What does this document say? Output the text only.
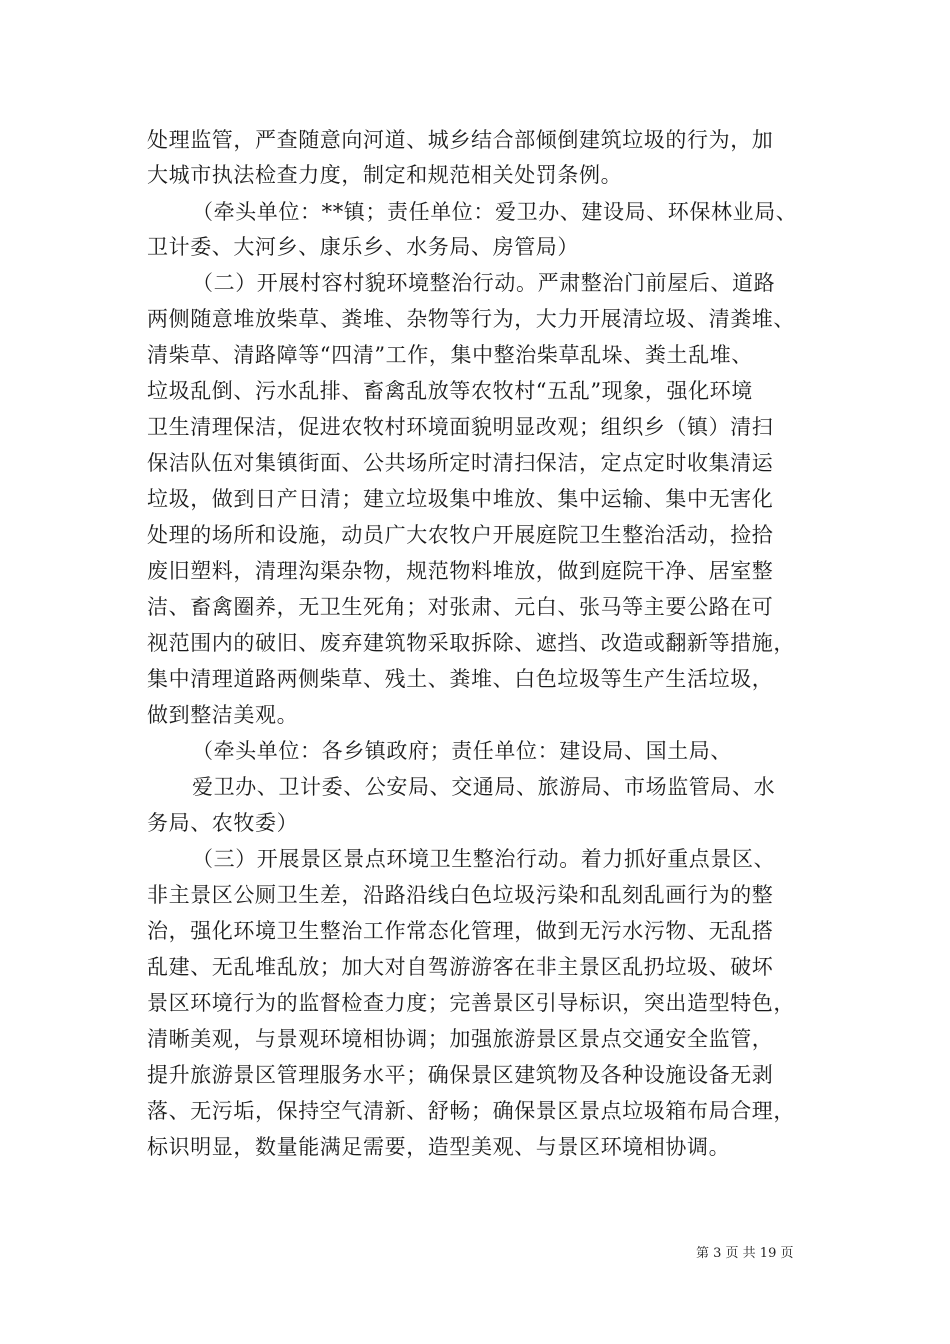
处理监管，严查随意向河道、城乡结合部倾倒建筑垃圾的行为，加
大城市执法检查力度，制定和规范相关处罚条例。
（牵头单位：**镇；责任单位：爱卫办、建设局、环保林业局、
卫计委、大河乡、康乐乡、水务局、房管局）
（二）开展村容村貌环境整治行动。严肃整治门前屋后、道路
两侧随意堆放柴草、粪堆、杂物等行为，大力开展清垃圾、清粪堆、
清柴草、清路障等“四清”工作，集中整治柴草乱垛、粪土乱堆、
垃圾乱倒、污水乱排、畜禽乱放等农牧村“五乱”现象，强化环境
卫生清理保洁，促进农牧村环境面貌明显改观；组织乡（镇）清扫
保洁队伍对集镇街面、公共场所定时清扫保洁，定点定时收集清运
垃圾，做到日产日清；建立垃圾集中堆放、集中运输、集中无害化
处理的场所和设施，动员广大农牧户开展庭院卫生整治活动，捡拾
废旧塑料，清理沟渠杂物，规范物料堆放，做到庭院干净、居室整
洁、畜禽圈养，无卫生死角；对张肃、元白、张马等主要公路在可
视范围内的破旧、废弃建筑物采取拆除、遮挡、改造或翻新等措施，
集中清理道路两侧柴草、残土、粪堆、白色垃圾等生产生活垃圾，
做到整洁美观。
（牵头单位：各乡镇政府；责任单位：建设局、国土局、
爱卫办、卫计委、公安局、交通局、旅游局、市场监管局、水
务局、农牧委）
（三）开展景区景点环境卫生整治行动。着力抓好重点景区、
非主景区公厕卫生差，沿路沿线白色垃圾污染和乱刻乱画行为的整
治，强化环境卫生整治工作常态化管理，做到无污水污物、无乱搭
乱建、无乱堆乱放；加大对自驾游游客在非主景区乱扔垃圾、破坏
景区环境行为的监督检查力度；完善景区引导标识，突出造型特色，
清晰美观，与景观环境相协调；加强旅游景区景点交通安全监管，
提升旅游景区管理服务水平；确保景区建筑物及各种设施设备无剥
落、无污垢，保持空气清新、舒畅；确保景区景点垃圾箱布局合理，
标识明显，数量能满足需要，造型美观、与景区环境相协调。
第 3 页 共 19 页
